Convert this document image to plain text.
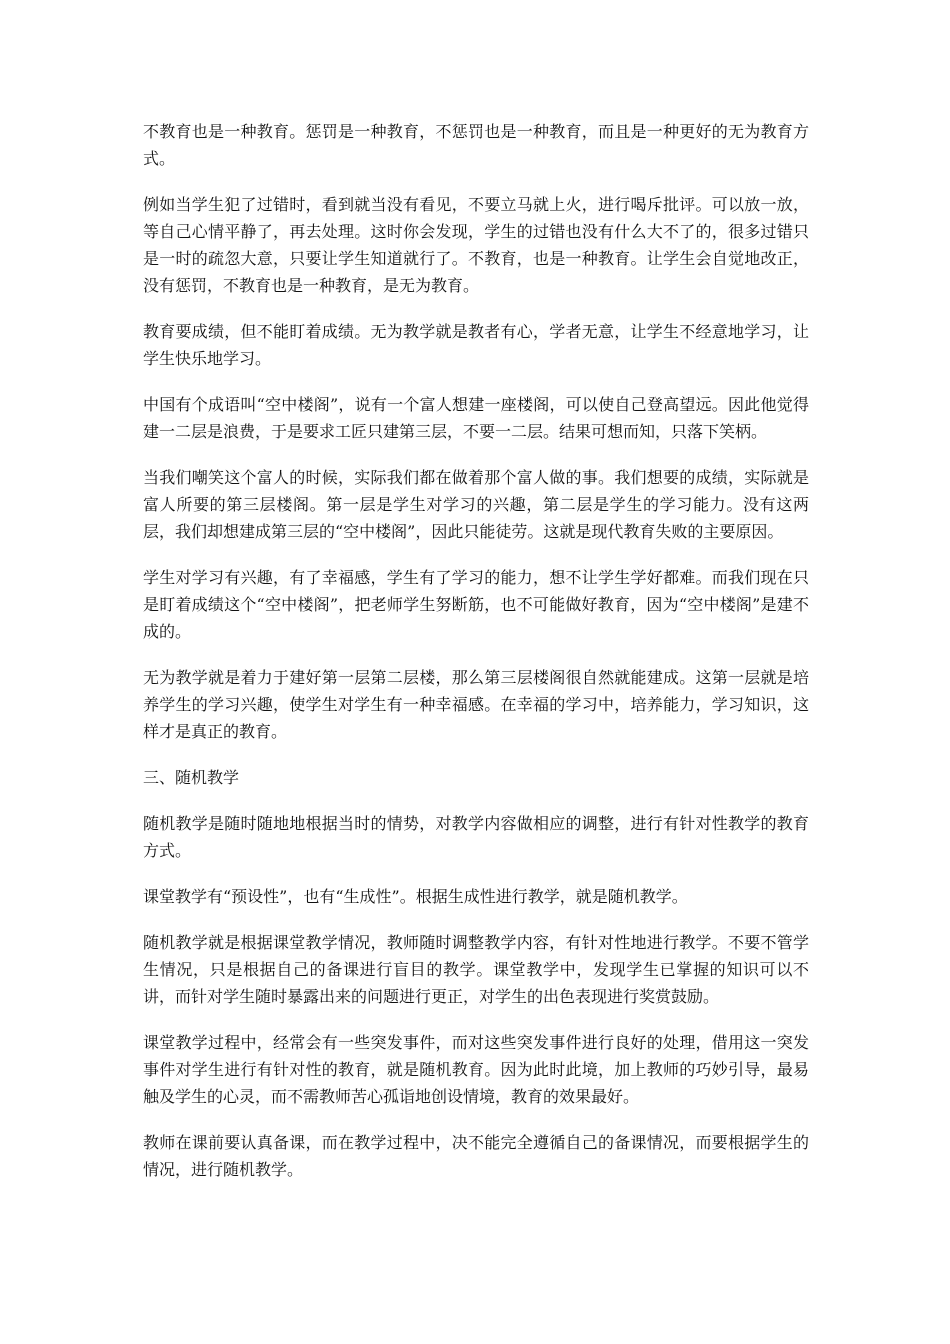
不教育也是一种教育。惩罚是一种教育，不惩罚也是一种教育，而且是一种更好的无为教育方式。

例如当学生犯了过错时，看到就当没有看见，不要立马就上火，进行喝斥批评。可以放一放，等自己心情平静了，再去处理。这时你会发现，学生的过错也没有什么大不了的，很多过错只是一时的疏忽大意，只要让学生知道就行了。不教育，也是一种教育。让学生会自觉地改正，没有惩罚，不教育也是一种教育，是无为教育。

教育要成绩，但不能盯着成绩。无为教学就是教者有心，学者无意，让学生不经意地学习，让学生快乐地学习。

中国有个成语叫“空中楼阁”，说有一个富人想建一座楼阁，可以使自己登高望远。因此他觉得建一二层是浪费，于是要求工匠只建第三层，不要一二层。结果可想而知，只落下笑柄。

当我们嘲笑这个富人的时候，实际我们都在做着那个富人做的事。我们想要的成绩，实际就是富人所要的第三层楼阁。第一层是学生对学习的兴趣，第二层是学生的学习能力。没有这两层，我们却想建成第三层的“空中楼阁”，因此只能徒劳。这就是现代教育失败的主要原因。

学生对学习有兴趣，有了幸福感，学生有了学习的能力，想不让学生学好都难。而我们现在只是盯着成绩这个“空中楼阁”，把老师学生努断筋，也不可能做好教育，因为“空中楼阁”是建不成的。

无为教学就是着力于建好第一层第二层楼，那么第三层楼阁很自然就能建成。这第一层就是培养学生的学习兴趣，使学生对学生有一种幸福感。在幸福的学习中，培养能力，学习知识，这样才是真正的教育。

三、随机教学

随机教学是随时随地地根据当时的情势，对教学内容做相应的调整，进行有针对性教学的教育方式。

课堂教学有“预设性”，也有“生成性”。根据生成性进行教学，就是随机教学。

随机教学就是根据课堂教学情况，教师随时调整教学内容，有针对性地进行教学。不要不管学生情况，只是根据自己的备课进行盲目的教学。课堂教学中，发现学生已掌握的知识可以不讲，而针对学生随时暴露出来的问题进行更正，对学生的出色表现进行奖赏鼓励。

课堂教学过程中，经常会有一些突发事件，而对这些突发事件进行良好的处理，借用这一突发事件对学生进行有针对性的教育，就是随机教育。因为此时此境，加上教师的巧妙引导，最易触及学生的心灵，而不需教师苦心孤诣地创设情境，教育的效果最好。

教师在课前要认真备课，而在教学过程中，决不能完全遵循自己的备课情况，而要根据学生的情况，进行随机教学。
